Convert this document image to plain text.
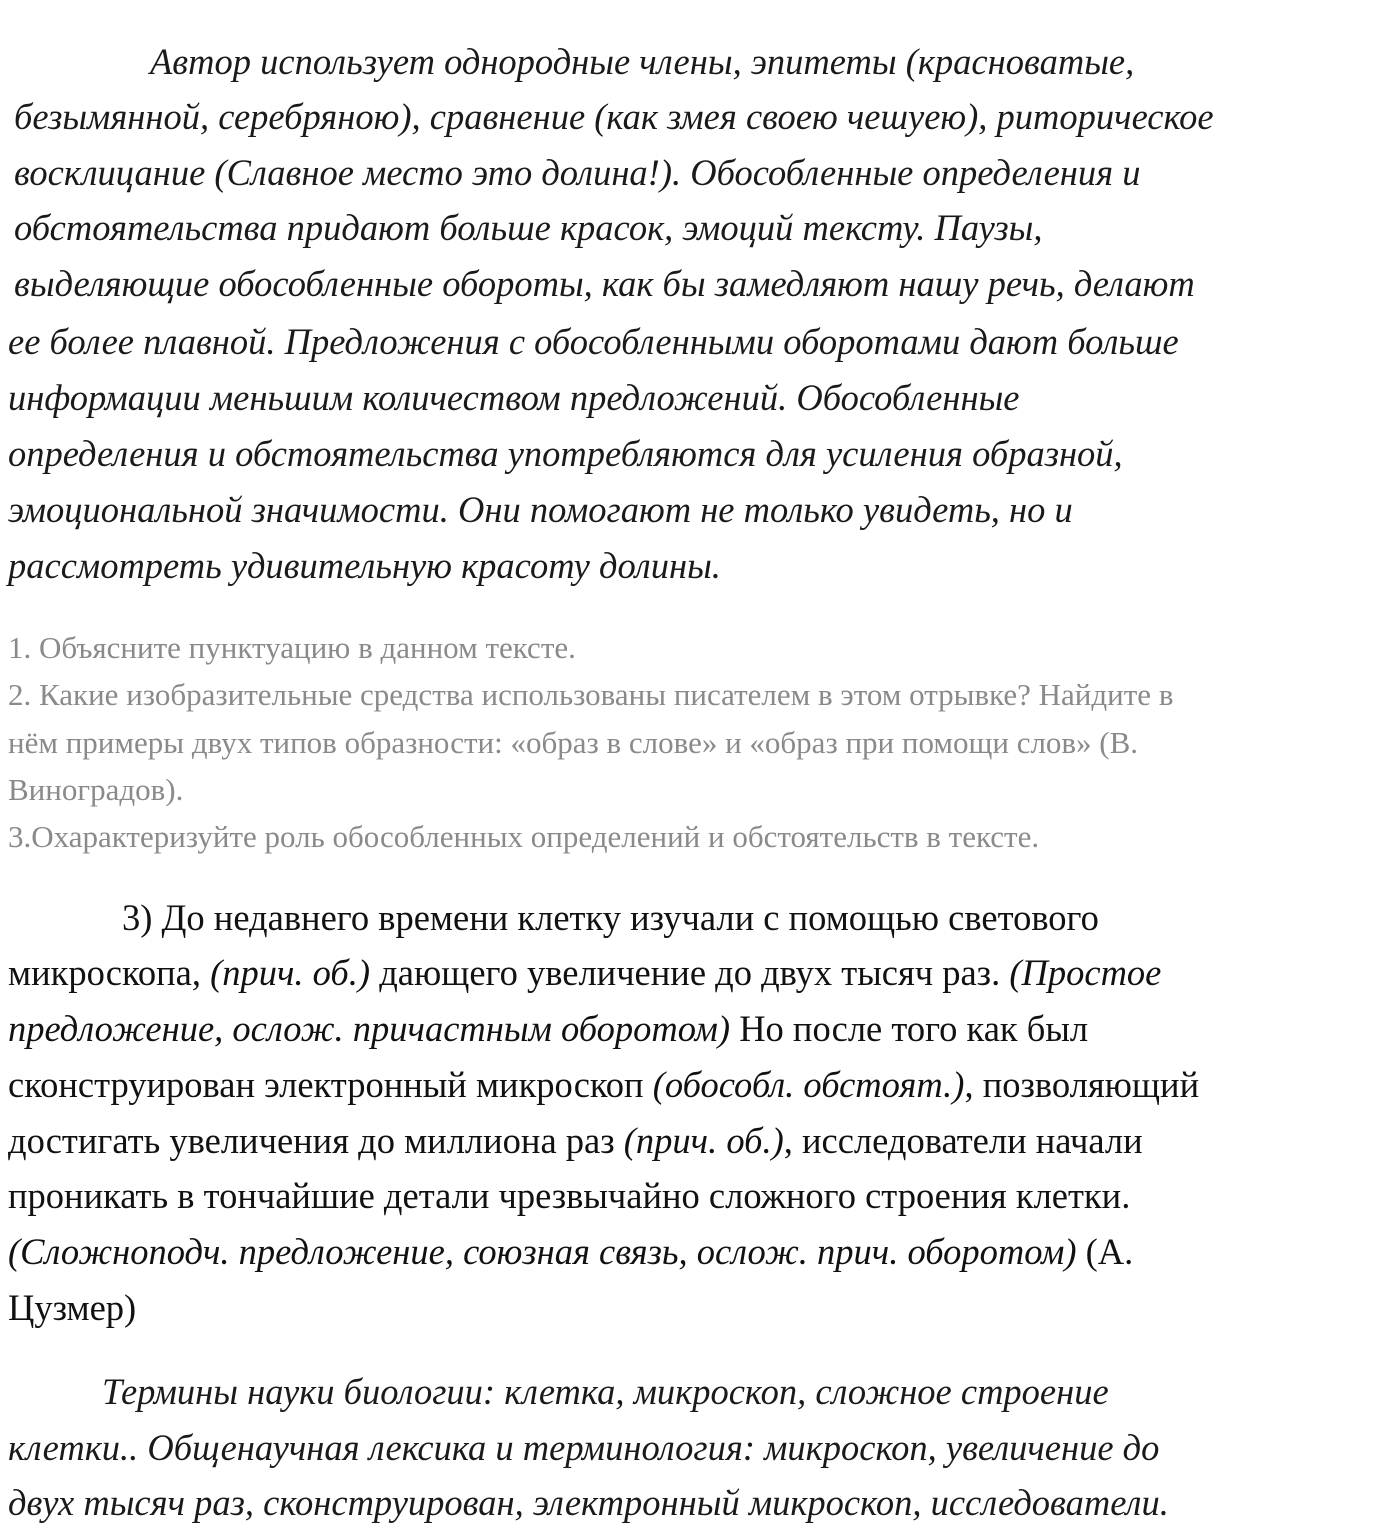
Автор использует однородные члены, эпитеты (красноватые,
безымянной, серебряною), сравнение (как змея своею чешуею), риторическое
восклицание (Славное место это долина!). Обособленные определения и
обстоятельства придают больше красок, эмоций тексту. Паузы,
выделяющие обособленные обороты, как бы замедляют нашу речь, делают
ее более плавной. Предложения с обособленными оборотами дают больше
информации меньшим количеством предложений. Обособленные
определения и обстоятельства употребляются для усиления образной,
эмоциональной значимости. Они помогают не только увидеть, но и
рассмотреть удивительную красоту долины.
1. Объясните пунктуацию в данном тексте.
2. Какие изобразительные средства использованы писателем в этом отрывке? Найдите в
нём примеры двух типов образности: «образ в слове» и «образ при помощи слов» (В.
Виноградов).
3.Охарактеризуйте роль обособленных определений и обстоятельств в тексте.
3) До недавнего времени клетку изучали с помощью светового
микроскопа, (прич. об.) дающего увеличение до двух тысяч раз. (Простое
предложение, ослож. причастным оборотом) Но после того как был
сконструирован электронный микроскоп (обособл. обстоят.), позволяющий
достигать увеличения до миллиона раз (прич. об.), исследователи начали
проникать в тончайшие детали чрезвычайно сложного строения клетки.
(Сложноподч. предложение, союзная связь, ослож. прич. оборотом) (А.
Цузмер)
Термины науки биологии: клетка, микроскоп, сложное строение
клетки.. Общенаучная лексика и терминология: микроскоп, увеличение до
двух тысяч раз, сконструирован, электронный микроскоп, исследователи.
